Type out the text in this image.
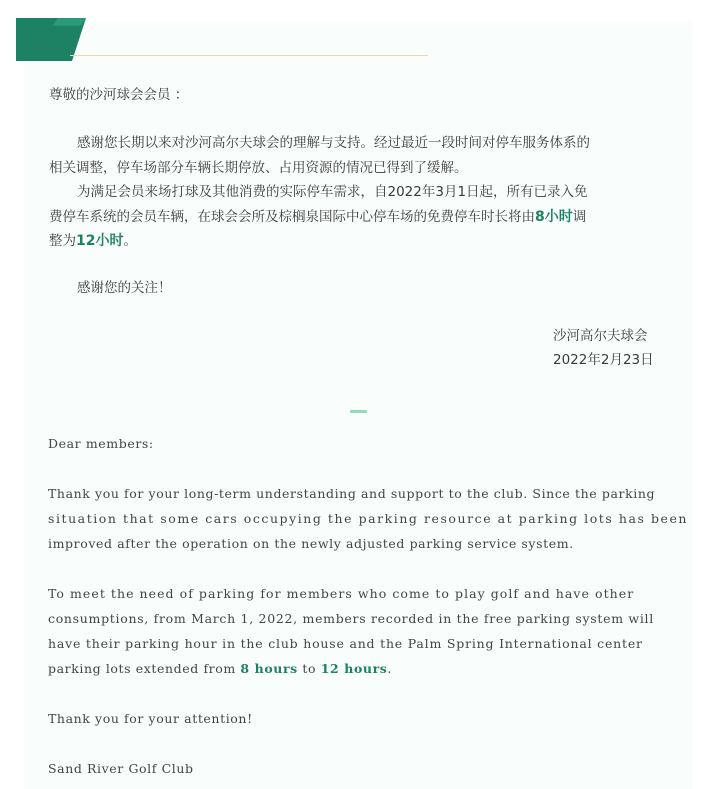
尊敬的沙河球会会员 ：
感谢您长期以来对沙河高尔夫球会的理解与支持。经过最近一段时间对停车服务体系的
相关调整，停车场部分车辆长期停放、占用资源的情况已得到了缓解。
为满足会员来场打球及其他消费的实际停车需求，自2022年3月1日起，所有已录入免
费停车系统的会员车辆，在球会会所及棕榈泉国际中心停车场的免费停车时长将由8小时调
整为12小时。
感谢您的关注！
沙河高尔夫球会
2022年2月23日
Dear members:
Thank you for your long-term understanding and support to the club. Since the parking
situation that some cars occupying the parking resource at parking lots has been
improved after the operation on the newly adjusted parking service system.
To meet the need of parking for members who come to play golf and have other
consumptions, from March 1, 2022, members recorded in the free parking system will
have their parking hour in the club house and the Palm Spring International center
parking lots extended from 8 hours to 12 hours.
Thank you for your attention!
Sand River Golf Club
